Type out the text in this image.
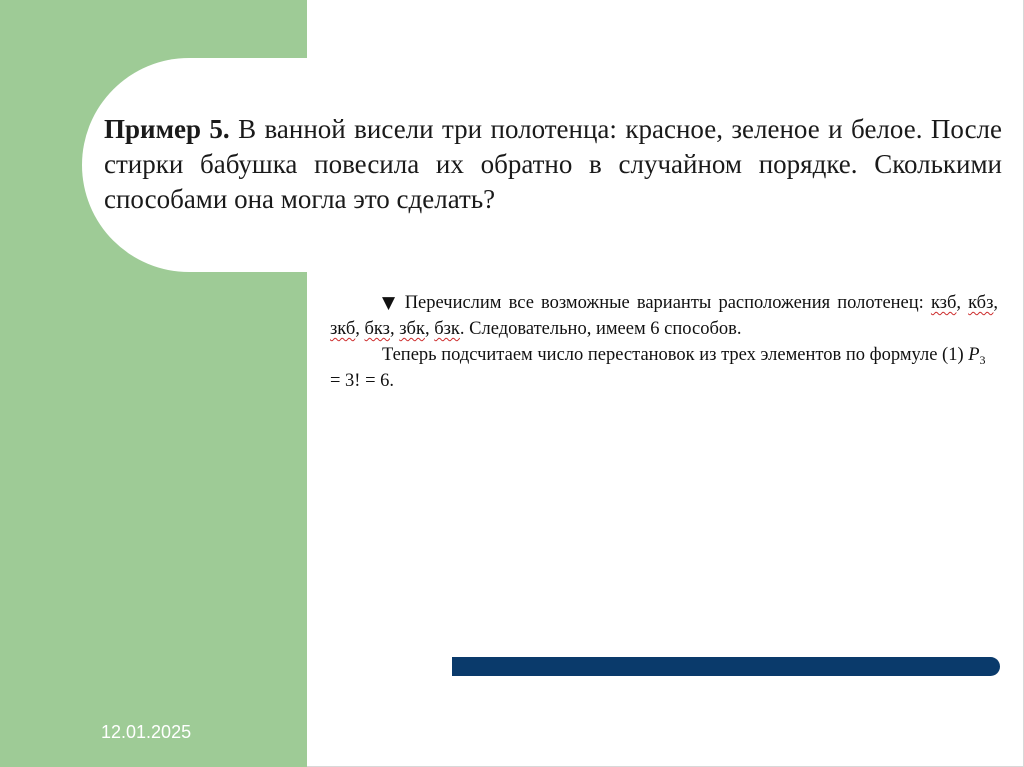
Пример 5. В ванной висели три полотенца: красное, зеленое и белое. После стирки бабушка повесила их обратно в случайном порядке. Сколькими способами она могла это сделать?

▼ Перечислим все возможные варианты расположения полотенец: кзб, кбз, зкб, бкз, збк, бзк. Следовательно, имеем 6 способов.

Теперь подсчитаем число перестановок из трех элементов по формуле (1) $P_3 = 3$! = 6.

12.01.2025
